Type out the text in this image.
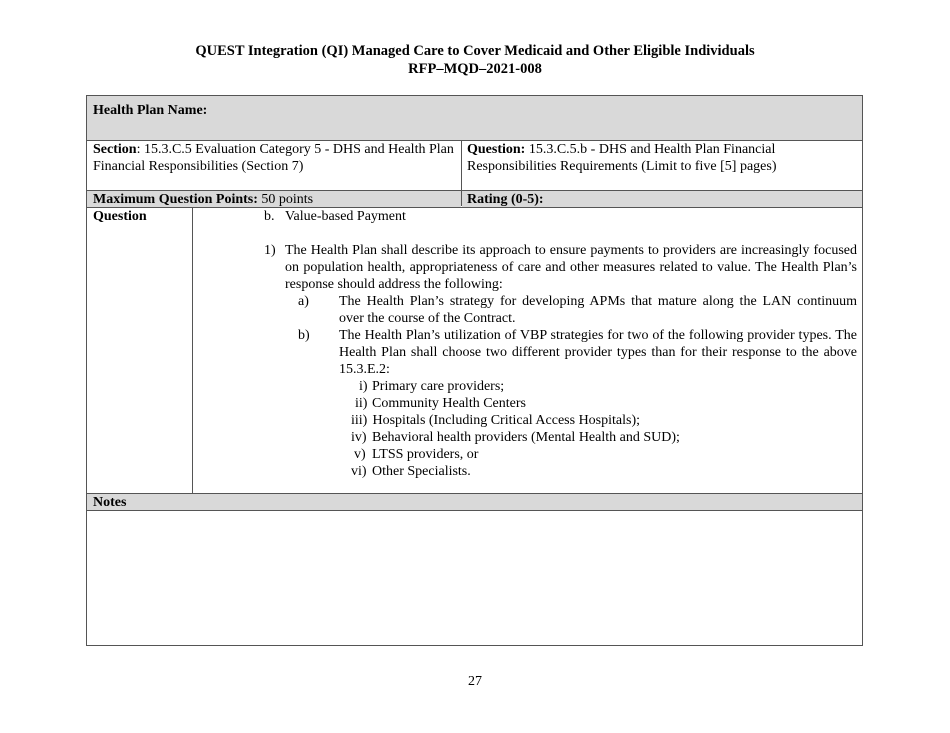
QUEST Integration (QI) Managed Care to Cover Medicaid and Other Eligible Individuals
RFP–MQD–2021-008
Health Plan Name:
Section: 15.3.C.5 Evaluation Category 5 - DHS and Health Plan Financial Responsibilities (Section 7)
Question: 15.3.C.5.b - DHS and Health Plan Financial Responsibilities Requirements (Limit to five [5] pages)
Maximum Question Points: 50 points	Rating (0-5):
Question	b. Value-based Payment
1) The Health Plan shall describe its approach to ensure payments to providers are increasingly focused on population health, appropriateness of care and other measures related to value. The Health Plan’s response should address the following:
a) The Health Plan’s strategy for developing APMs that mature along the LAN continuum over the course of the Contract.
b) The Health Plan’s utilization of VBP strategies for two of the following provider types. The Health Plan shall choose two different provider types than for their response to the above 15.3.E.2:
i) Primary care providers;
ii) Community Health Centers
iii) Hospitals (Including Critical Access Hospitals);
iv) Behavioral health providers (Mental Health and SUD);
v) LTSS providers, or
vi) Other Specialists.
Notes
27
